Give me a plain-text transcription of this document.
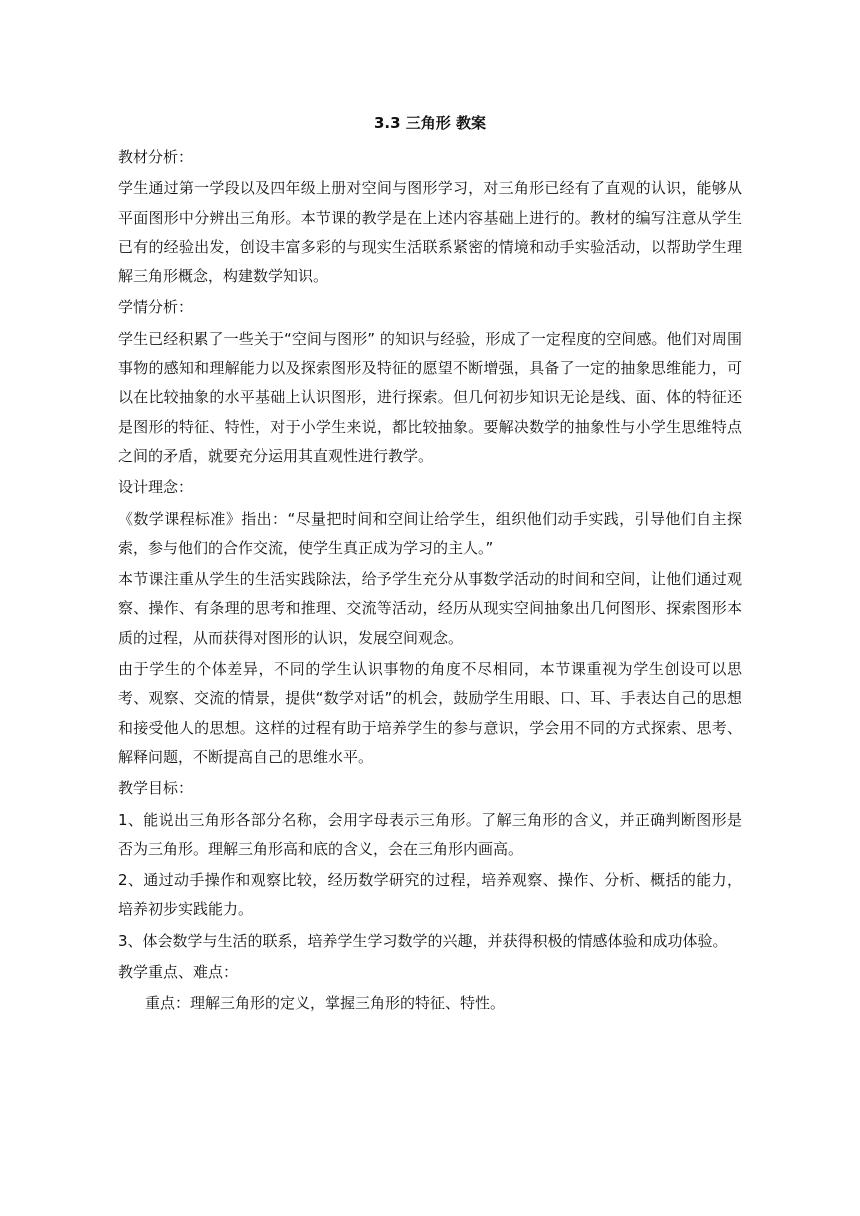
3.3 三角形 教案

教材分析：

学生通过第一学段以及四年级上册对空间与图形学习，对三角形已经有了直观的认识，能够从平面图形中分辨出三角形。本节课的教学是在上述内容基础上进行的。教材的编写注意从学生已有的经验出发，创设丰富多彩的与现实生活联系紧密的情境和动手实验活动，以帮助学生理解三角形概念，构建数学知识。

学情分析：

学生已经积累了一些关于“空间与图形” 的知识与经验，形成了一定程度的空间感。他们对周围事物的感知和理解能力以及探索图形及特征的愿望不断增强，具备了一定的抽象思维能力，可以在比较抽象的水平基础上认识图形，进行探索。但几何初步知识无论是线、面、体的特征还是图形的特征、特性，对于小学生来说，都比较抽象。要解决数学的抽象性与小学生思维特点之间的矛盾，就要充分运用其直观性进行教学。

设计理念：

《数学课程标准》指出：“尽量把时间和空间让给学生，组织他们动手实践，引导他们自主探索，参与他们的合作交流，使学生真正成为学习的主人。”

本节课注重从学生的生活实践除法，给予学生充分从事数学活动的时间和空间，让他们通过观察、操作、有条理的思考和推理、交流等活动，经历从现实空间抽象出几何图形、探索图形本质的过程，从而获得对图形的认识，发展空间观念。

由于学生的个体差异，不同的学生认识事物的角度不尽相同，本节课重视为学生创设可以思考、观察、交流的情景，提供“数学对话”的机会，鼓励学生用眼、口、耳、手表达自己的思想和接受他人的思想。这样的过程有助于培养学生的参与意识，学会用不同的方式探索、思考、解释问题，不断提高自己的思维水平。

教学目标：

1、能说出三角形各部分名称，会用字母表示三角形。了解三角形的含义，并正确判断图形是否为三角形。理解三角形高和底的含义，会在三角形内画高。

2、通过动手操作和观察比较，经历数学研究的过程，培养观察、操作、分析、概括的能力，培养初步实践能力。

3、体会数学与生活的联系，培养学生学习数学的兴趣，并获得积极的情感体验和成功体验。

教学重点、难点：

重点：理解三角形的定义，掌握三角形的特征、特性。
